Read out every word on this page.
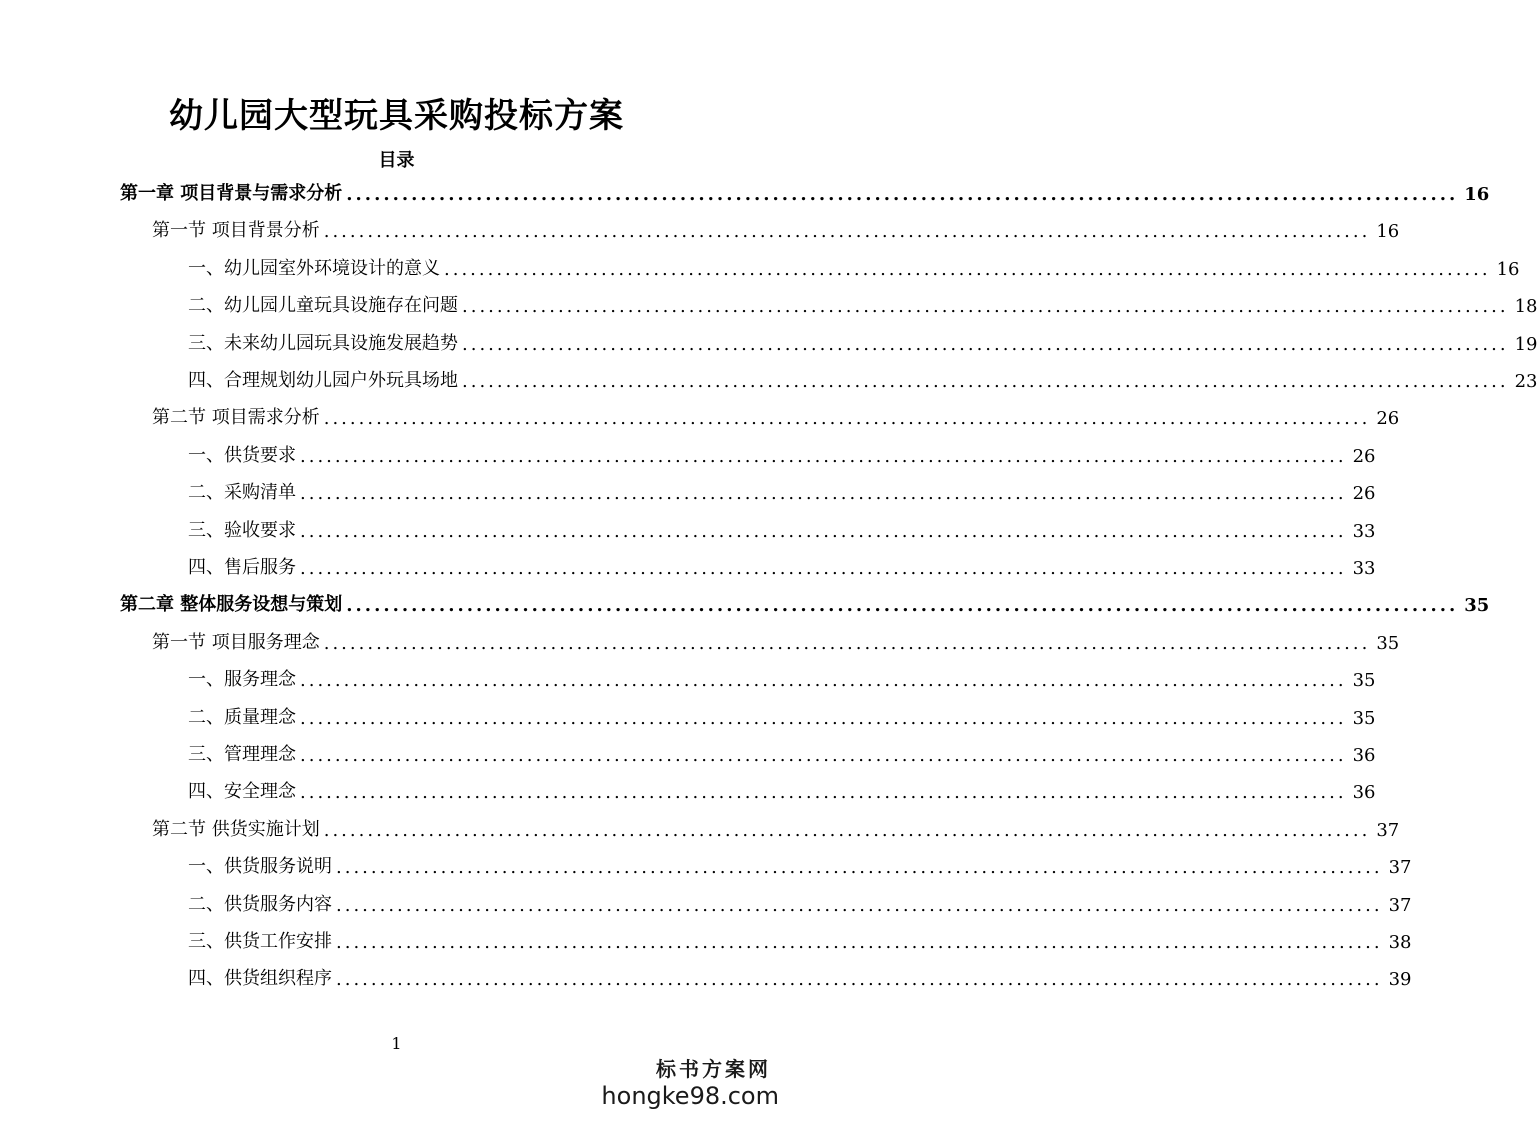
幼儿园大型玩具采购投标方案
目录
第一章 项目背景与需求分析 ........................................................................................................................ 16
第一节 项目背景分析 ........................................................................................................................ 16
一、幼儿园室外环境设计的意义 ........................................................................................................................ 16
二、幼儿园儿童玩具设施存在问题 ........................................................................................................................ 18
三、未来幼儿园玩具设施发展趋势 ........................................................................................................................ 19
四、合理规划幼儿园户外玩具场地 ........................................................................................................................ 23
第二节 项目需求分析 ........................................................................................................................ 26
一、供货要求 ........................................................................................................................ 26
二、采购清单 ........................................................................................................................ 26
三、验收要求 ........................................................................................................................ 33
四、售后服务 ........................................................................................................................ 33
第二章 整体服务设想与策划 ........................................................................................................................ 35
第一节 项目服务理念 ........................................................................................................................ 35
一、服务理念 ........................................................................................................................ 35
二、质量理念 ........................................................................................................................ 35
三、管理理念 ........................................................................................................................ 36
四、安全理念 ........................................................................................................................ 36
第二节 供货实施计划 ........................................................................................................................ 37
一、供货服务说明 ........................................................................................................................ 37
二、供货服务内容 ........................................................................................................................ 37
三、供货工作安排 ........................................................................................................................ 38
四、供货组织程序 ........................................................................................................................ 39
1
标书方案网
hongke98.com
